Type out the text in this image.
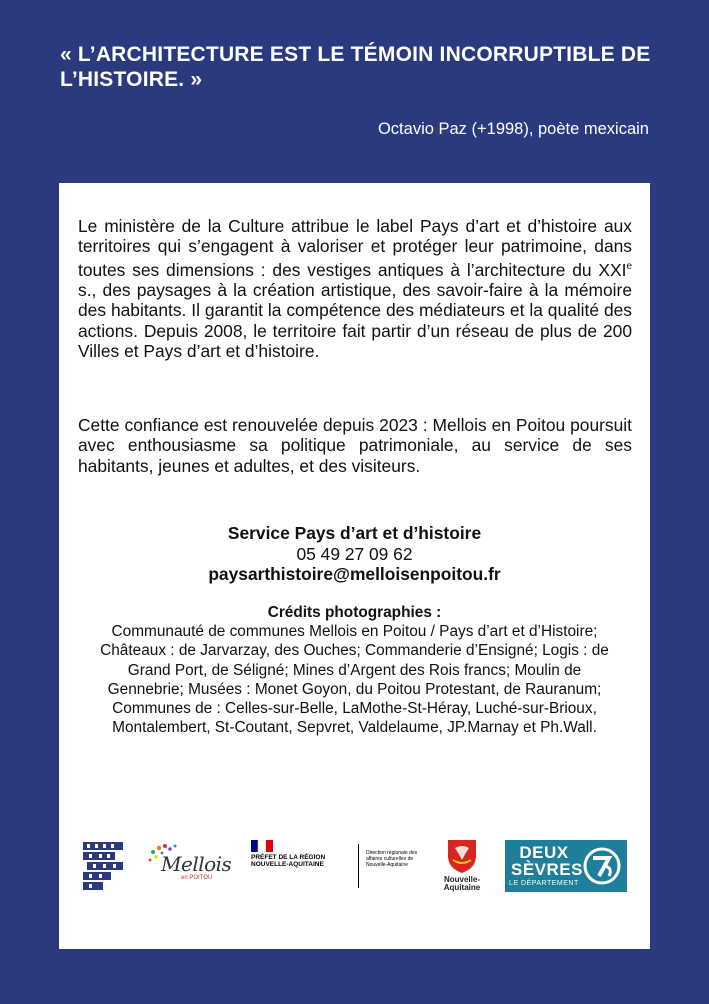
« L’ARCHITECTURE EST LE TÉMOIN INCORRUPTIBLE DE L’HISTOIRE. »

Octavio Paz (+1998), poète mexicain

Le ministère de la Culture attribue le label Pays d’art et d’histoire aux territoires qui s’engagent à valoriser et protéger leur patrimoine, dans toutes ses dimensions : des vestiges antiques à l’architecture du XXIe s., des paysages à la création artistique, des savoir-faire à la mémoire des habitants. Il garantit la compétence des médiateurs et la qualité des actions. Depuis 2008, le territoire fait partir d’un réseau de plus de 200 Villes et Pays d’art et d’histoire.

Cette confiance est renouvelée depuis 2023 : Mellois en Poitou poursuit avec enthousiasme sa politique patrimoniale, au service de ses habitants, jeunes et adultes, et des visiteurs.

Service Pays d’art et d’histoire
05 49 27 09 62
paysarthistoire@melloisenpoitou.fr
Crédits photographies :
Communauté de communes Mellois en Poitou / Pays d’art et d’Histoire; Châteaux : de Jarvarzay, des Ouches; Commanderie d’Ensigné; Logis : de Grand Port, de Séligné; Mines d’Argent des Rois francs; Moulin de Gennebrie; Musées : Monet Goyon, du Poitou Protestant, de Rauranum; Communes de : Celles-sur-Belle, LaMothe-St-Héray, Luché-sur-Brioux, Montalembert, St-Coutant, Sepvret, Valdelaume, JP.Marnay et Ph.Wall.
Mellois
en POITOU
PRÉFET DE LA RÉGION NOUVELLE-AQUITAINE
Direction régionale des affaires culturelles de Nouvelle-Aquitaine
Nouvelle-Aquitaine
DEUX SÈVRES
LE DÉPARTEMENT
